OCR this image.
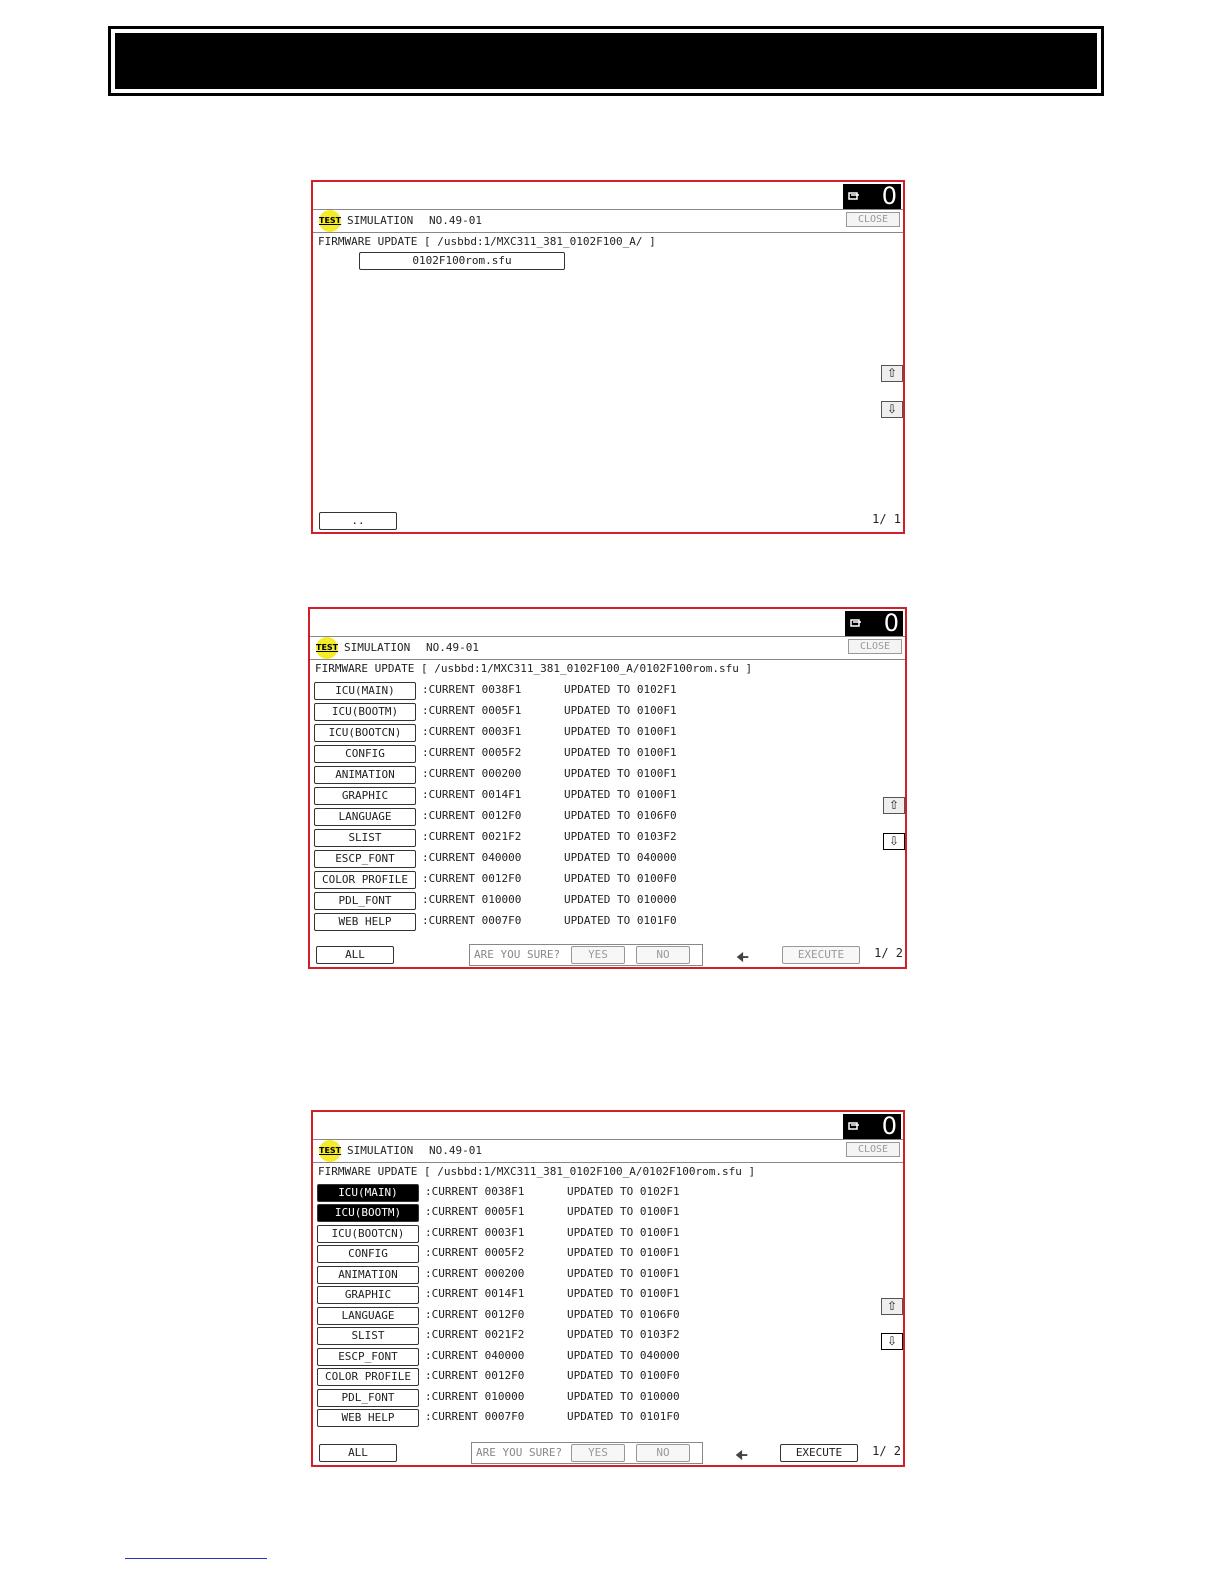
0
TEST SIMULATION NO.49-01	CLOSE
FIRMWARE UPDATE [ /usbbd:1/MXC311_381_0102F100_A/ ]
0102F100rom.sfu
⇧
⇩
..	1/ 1
0
TEST SIMULATION NO.49-01	CLOSE
FIRMWARE UPDATE [ /usbbd:1/MXC311_381_0102F100_A/0102F100rom.sfu ]
ICU(MAIN)	:CURRENT 0038F1	UPDATED TO 0102F1
ICU(BOOTM)	:CURRENT 0005F1	UPDATED TO 0100F1
ICU(BOOTCN)	:CURRENT 0003F1	UPDATED TO 0100F1
CONFIG	:CURRENT 0005F2	UPDATED TO 0100F1
ANIMATION	:CURRENT 000200	UPDATED TO 0100F1
GRAPHIC	:CURRENT 0014F1	UPDATED TO 0100F1
LANGUAGE	:CURRENT 0012F0	UPDATED TO 0106F0
SLIST	:CURRENT 0021F2	UPDATED TO 0103F2
ESCP_FONT	:CURRENT 040000	UPDATED TO 040000
COLOR PROFILE	:CURRENT 0012F0	UPDATED TO 0100F0
PDL_FONT	:CURRENT 010000	UPDATED TO 010000
WEB HELP	:CURRENT 0007F0	UPDATED TO 0101F0
⇧
⇩
ALL	ARE YOU SURE?	YES	NO	🠈	EXECUTE	1/ 2
0
TEST SIMULATION NO.49-01	CLOSE
FIRMWARE UPDATE [ /usbbd:1/MXC311_381_0102F100_A/0102F100rom.sfu ]
ICU(MAIN)	:CURRENT 0038F1	UPDATED TO 0102F1
ICU(BOOTM)	:CURRENT 0005F1	UPDATED TO 0100F1
ICU(BOOTCN)	:CURRENT 0003F1	UPDATED TO 0100F1
CONFIG	:CURRENT 0005F2	UPDATED TO 0100F1
ANIMATION	:CURRENT 000200	UPDATED TO 0100F1
GRAPHIC	:CURRENT 0014F1	UPDATED TO 0100F1
LANGUAGE	:CURRENT 0012F0	UPDATED TO 0106F0
SLIST	:CURRENT 0021F2	UPDATED TO 0103F2
ESCP_FONT	:CURRENT 040000	UPDATED TO 040000
COLOR PROFILE	:CURRENT 0012F0	UPDATED TO 0100F0
PDL_FONT	:CURRENT 010000	UPDATED TO 010000
WEB HELP	:CURRENT 0007F0	UPDATED TO 0101F0
⇧
⇩
ALL	ARE YOU SURE?	YES	NO	🠈	EXECUTE	1/ 2
